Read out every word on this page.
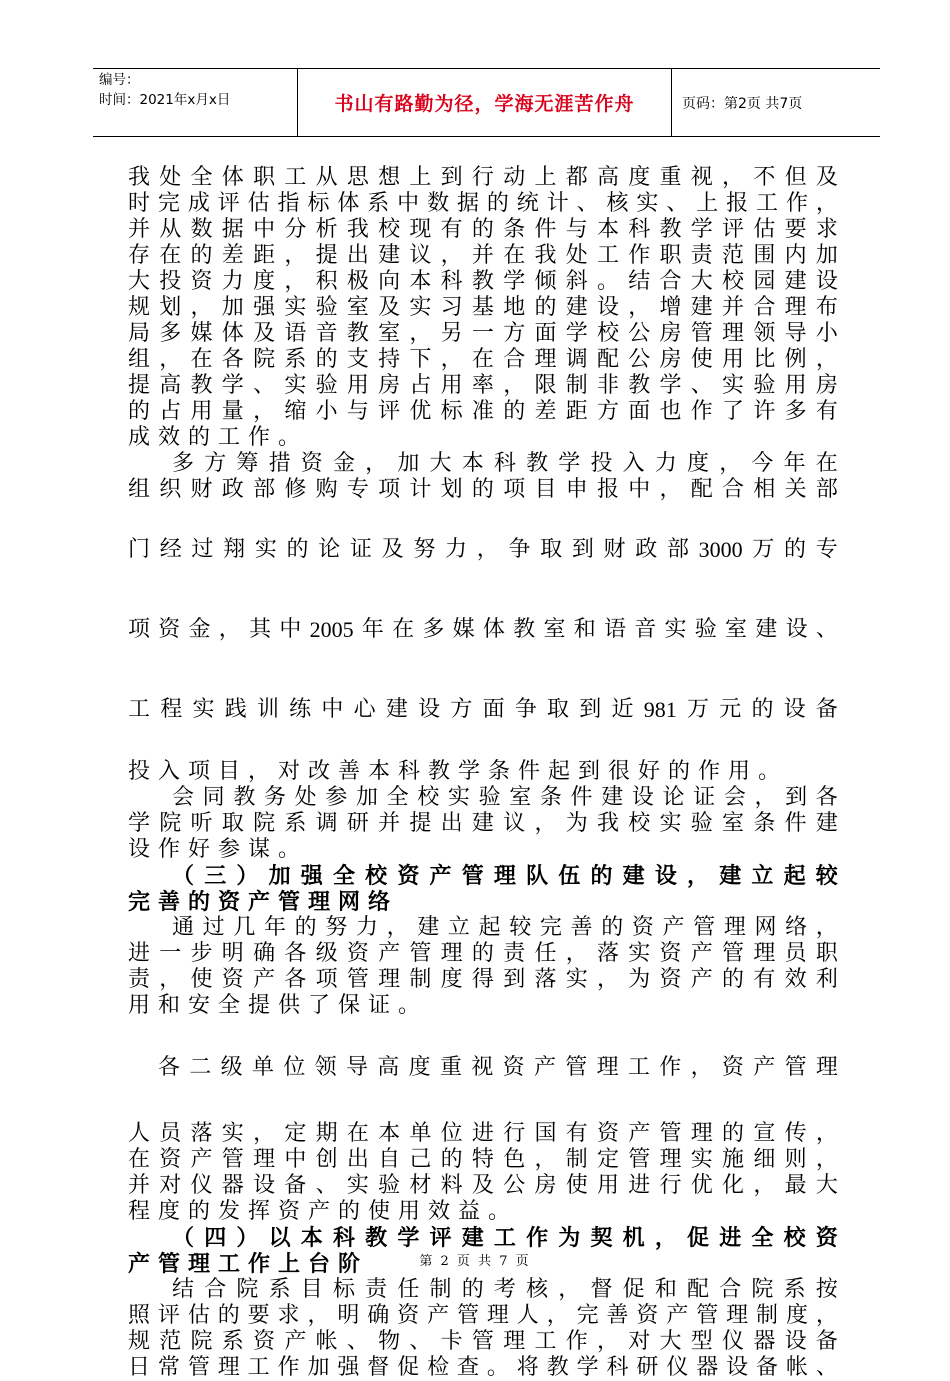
编号：
时间：2021年x月x日	书山有路勤为径，学海无涯苦作舟	页码：第2页 共7页
我 处 全 体 职 工 从 思 想 上 到 行 动 上 都 高 度 重 视 ， 不 但 及
时 完 成 评 估 指 标 体 系 中 数 据 的 统 计 、 核 实 、 上 报 工 作 ，
并 从 数 据 中 分 析 我 校 现 有 的 条 件 与 本 科 教 学 评 估 要 求
存 在 的 差 距 ， 提 出 建 议 ， 并 在 我 处 工 作 职 责 范 围 内 加
大 投 资 力 度 ， 积 极 向 本 科 教 学 倾 斜 。 结 合 大 校 园 建 设
规 划 ， 加 强 实 验 室 及 实 习 基 地 的 建 设 ， 增 建 并 合 理 布
局 多 媒 体 及 语 音 教 室 ， 另 一 方 面 学 校 公 房 管 理 领 导 小
组 ， 在 各 院 系 的 支 持 下 ， 在 合 理 调 配 公 房 使 用 比 例 ，
提 高 教 学 、 实 验 用 房 占 用 率 ， 限 制 非 教 学 、 实 验 用 房
的 占 用 量 ， 缩 小 与 评 优 标 准 的 差 距 方 面 也 作 了 许 多 有
成效的工作。
多 方 筹 措 资 金 ， 加 大 本 科 教 学 投 入 力 度 ， 今 年 在
组 织 财 政 部 修 购 专 项 计 划 的 项 目 申 报 中 ， 配 合 相 关 部
门 经 过 翔 实 的 论 证 及 努 力 ， 争 取 到 财 政 部 3000 万 的 专
项 资 金 ， 其 中 2005 年 在 多 媒 体 教 室 和 语 音 实 验 室 建 设 、
工 程 实 践 训 练 中 心 建 设 方 面 争 取 到 近 981 万 元 的 设 备
投入项目，对改善本科教学条件起到很好的作用。
会 同 教 务 处 参 加 全 校 实 验 室 条 件 建 设 论 证 会 ， 到 各
学 院 听 取 院 系 调 研 并 提 出 建 议 ， 为 我 校 实 验 室 条 件 建
设作好参谋。
（ 三 ） 加 强 全 校 资 产 管 理 队 伍 的 建 设 ， 建 立 起 较
完善的资产管理网络
通 过 几 年 的 努 力 ， 建 立 起 较 完 善 的 资 产 管 理 网 络 ，
进 一 步 明 确 各 级 资 产 管 理 的 责 任 ， 落 实 资 产 管 理 员 职
责 ， 使 资 产 各 项 管 理 制 度 得 到 落 实 ， 为 资 产 的 有 效 利
用和安全提供了保证。
各 二 级 单 位 领 导 高 度 重 视 资 产 管 理 工 作 ， 资 产 管 理
人 员 落 实 ， 定 期 在 本 单 位 进 行 国 有 资 产 管 理 的 宣 传 ，
在 资 产 管 理 中 创 出 自 己 的 特 色 ， 制 定 管 理 实 施 细 则 ，
并 对 仪 器 设 备 、 实 验 材 料 及 公 房 使 用 进 行 优 化 ， 最 大
程度的发挥资产的使用效益。
（ 四 ） 以 本 科 教 学 评 建 工 作 为 契 机 ， 促 进 全 校 资
产管理工作上台阶
结 合 院 系 目 标 责 任 制 的 考 核 ， 督 促 和 配 合 院 系 按
照 评 估 的 要 求 ， 明 确 资 产 管 理 人 ， 完 善 资 产 管 理 制 度 ，
规 范 院 系 资 产 帐 、 物 、 卡 管 理 工 作 ， 对 大 型 仪 器 设 备
日 常 管 理 工 作 加 强 督 促 检 查 。 将 教 学 科 研 仪 器 设 备 帐 、
第 2 页 共 7 页
